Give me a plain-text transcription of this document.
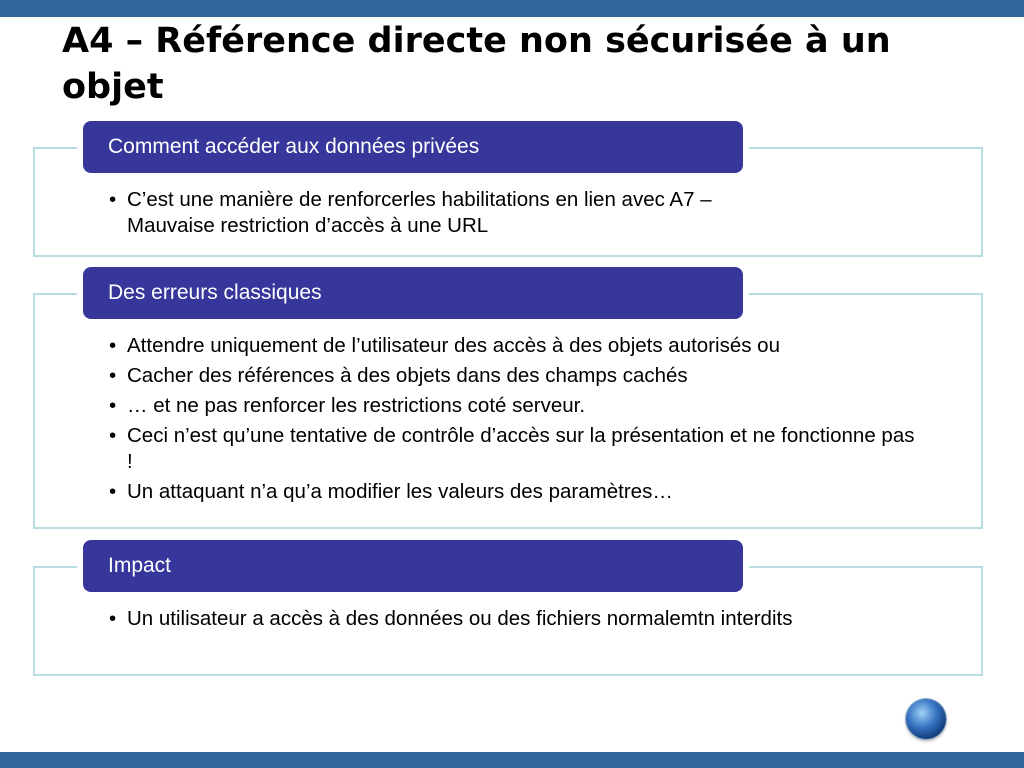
A4 – Référence directe non sécurisée à un objet
Comment accéder aux données privées
• C’est une manière de renforcerles habilitations en lien avec A7 – Mauvaise restriction d’accès à une URL
Des erreurs classiques
• Attendre uniquement de l’utilisateur des accès à des objets autorisés ou
• Cacher des références à des objets dans des champs cachés
• … et ne pas renforcer les restrictions coté serveur.
• Ceci n’est qu’une tentative de contrôle d’accès sur la présentation et ne fonctionne pas !
• Un attaquant n’a qu’a modifier les valeurs des paramètres…
Impact
• Un utilisateur a accès à des données ou des fichiers normalemtn interdits
